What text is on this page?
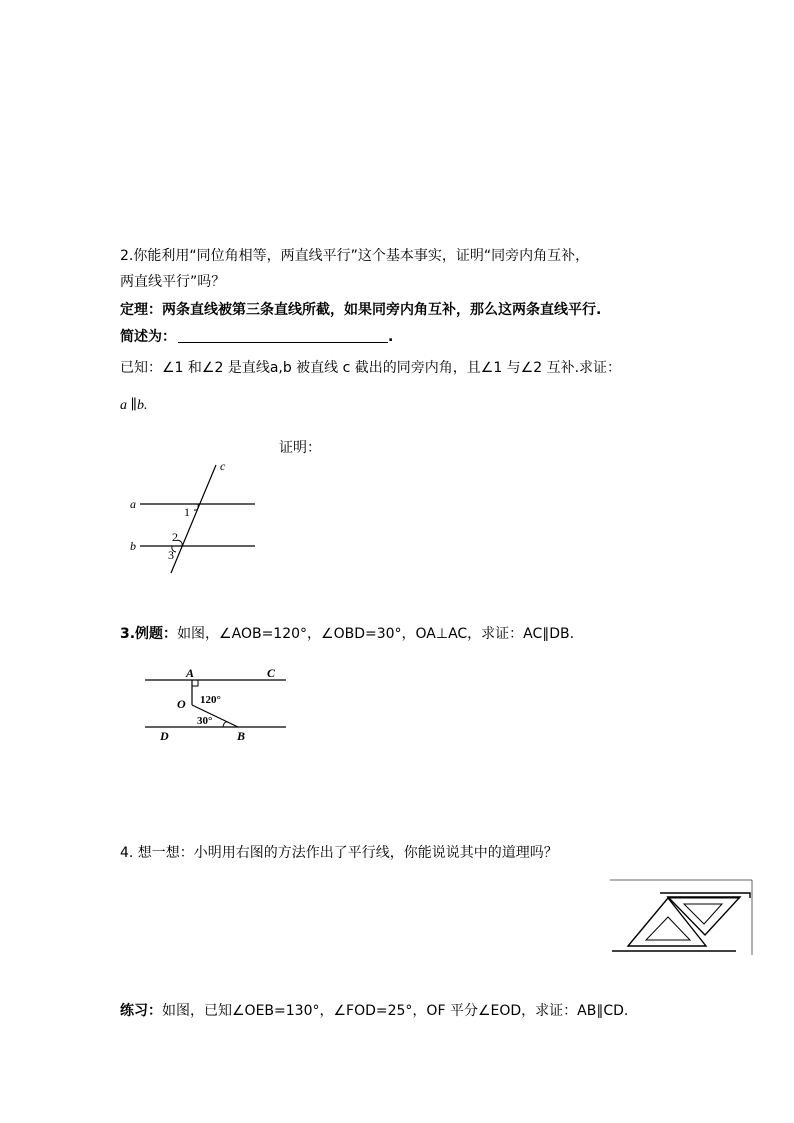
2.你能利用“同位角相等，两直线平行”这个基本事实，证明“同旁内角互补，
两直线平行”吗？
定理：两条直线被第三条直线所截，如果同旁内角互补，那么这两条直线平行.
简述为：	.
已知：∠1 和∠2 是直线a,b 被直线 c 截出的同旁内角，且∠1 与∠2 互补.求证：
a ∥b.
证明：
c
a
b
1
2
3
3.例题：如图，∠AOB=120°，∠OBD=30°，OA⊥AC，求证：AC∥DB.
A	C
O 120°
30°
D	B
4. 想一想：小明用右图的方法作出了平行线，你能说说其中的道理吗？
练习：如图，已知∠OEB=130°，∠FOD=25°，OF 平分∠EOD，求证：AB∥CD.
